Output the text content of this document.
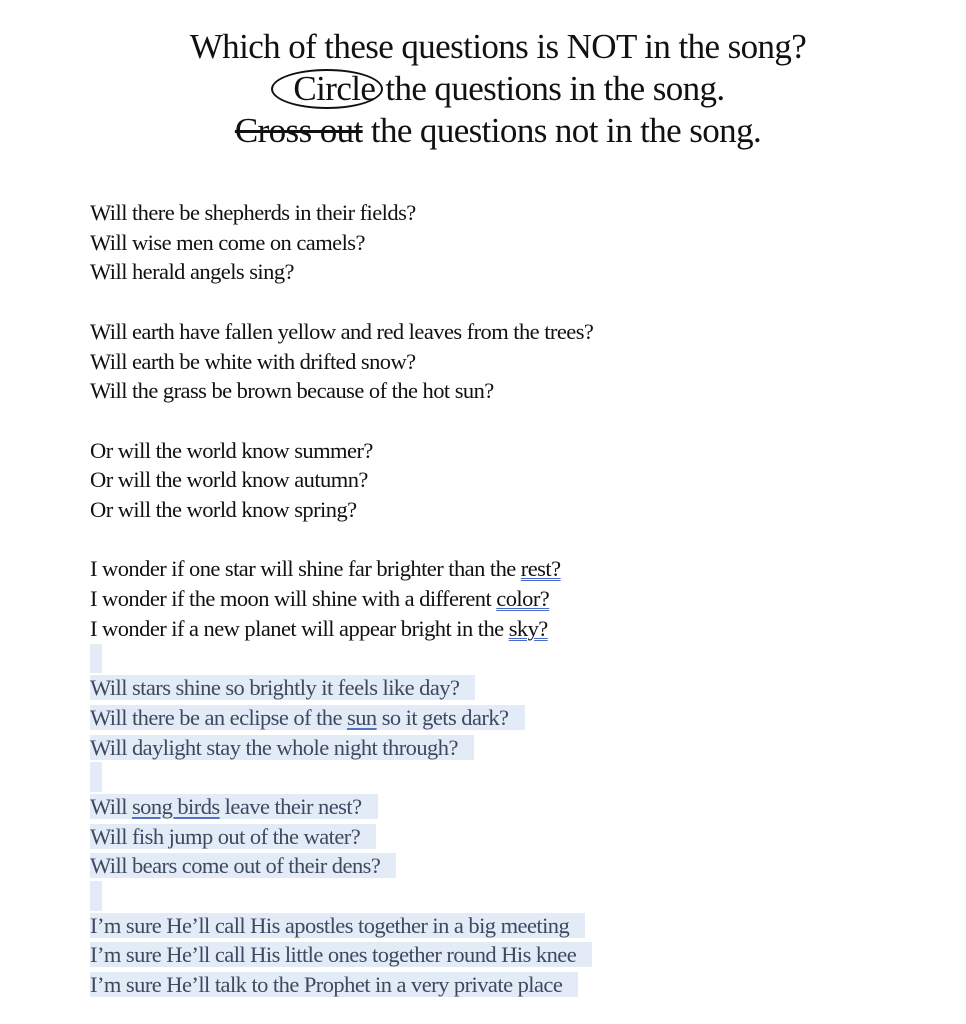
Which of these questions is NOT in the song?
Circle the questions in the song.
Cross out the questions not in the song.
Will there be shepherds in their fields?
Will wise men come on camels?
Will herald angels sing?
Will earth have fallen yellow and red leaves from the trees?
Will earth be white with drifted snow?
Will the grass be brown because of the hot sun?
Or will the world know summer?
Or will the world know autumn?
Or will the world know spring?
I wonder if one star will shine far brighter than the rest?
I wonder if the moon will shine with a different color?
I wonder if a new planet will appear bright in the sky?
Will stars shine so brightly it feels like day?
Will there be an eclipse of the sun so it gets dark?
Will daylight stay the whole night through?
Will song birds leave their nest?
Will fish jump out of the water?
Will bears come out of their dens?
I’m sure He’ll call His apostles together in a big meeting
I’m sure He’ll call His little ones together round His knee
I’m sure He’ll talk to the Prophet in a very private place
